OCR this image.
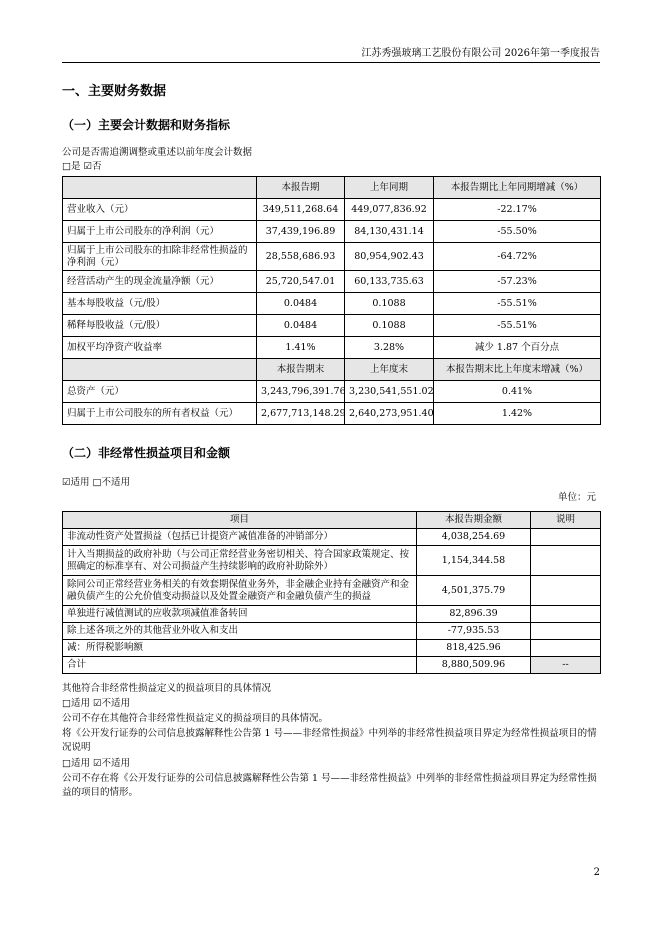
江苏秀强玻璃工艺股份有限公司 2026年第一季度报告
一、主要财务数据
（一）主要会计数据和财务指标
公司是否需追溯调整或重述以前年度会计数据
□是 ☑否
	本报告期	上年同期	本报告期比上年同期增减（%）
营业收入（元）	349,511,268.64	449,077,836.92	-22.17%
归属于上市公司股东的净利润（元）	37,439,196.89	84,130,431.14	-55.50%
归属于上市公司股东的扣除非经常性损益的净利润（元）	28,558,686.93	80,954,902.43	-64.72%
经营活动产生的现金流量净额（元）	25,720,547.01	60,133,735.63	-57.23%
基本每股收益（元/股）	0.0484	0.1088	-55.51%
稀释每股收益（元/股）	0.0484	0.1088	-55.51%
加权平均净资产收益率	1.41%	3.28%	减少 1.87 个百分点
	本报告期末	上年度末	本报告期末比上年度末增减（%）
总资产（元）	3,243,796,391.76	3,230,541,551.02	0.41%
归属于上市公司股东的所有者权益（元）	2,677,713,148.29	2,640,273,951.40	1.42%
（二）非经常性损益项目和金额
☑适用 □不适用
单位：元
项目	本报告期金额	说明
非流动性资产处置损益（包括已计提资产减值准备的冲销部分）	4,038,254.69	
计入当期损益的政府补助（与公司正常经营业务密切相关、符合国家政策规定、按照确定的标准享有、对公司损益产生持续影响的政府补助除外）	1,154,344.58	
除同公司正常经营业务相关的有效套期保值业务外，非金融企业持有金融资产和金融负债产生的公允价值变动损益以及处置金融资产和金融负债产生的损益	4,501,375.79	
单独进行减值测试的应收款项减值准备转回	82,896.39	
除上述各项之外的其他营业外收入和支出	-77,935.53	
减：所得税影响额	818,425.96	
合计	8,880,509.96	--
其他符合非经常性损益定义的损益项目的具体情况
□适用 ☑不适用
公司不存在其他符合非经常性损益定义的损益项目的具体情况。
将《公开发行证券的公司信息披露解释性公告第 1 号——非经常性损益》中列举的非经常性损益项目界定为经常性损益项目的情况说明
□适用 ☑不适用
公司不存在将《公开发行证券的公司信息披露解释性公告第 1 号——非经常性损益》中列举的非经常性损益项目界定为经常性损益的项目的情形。
2
